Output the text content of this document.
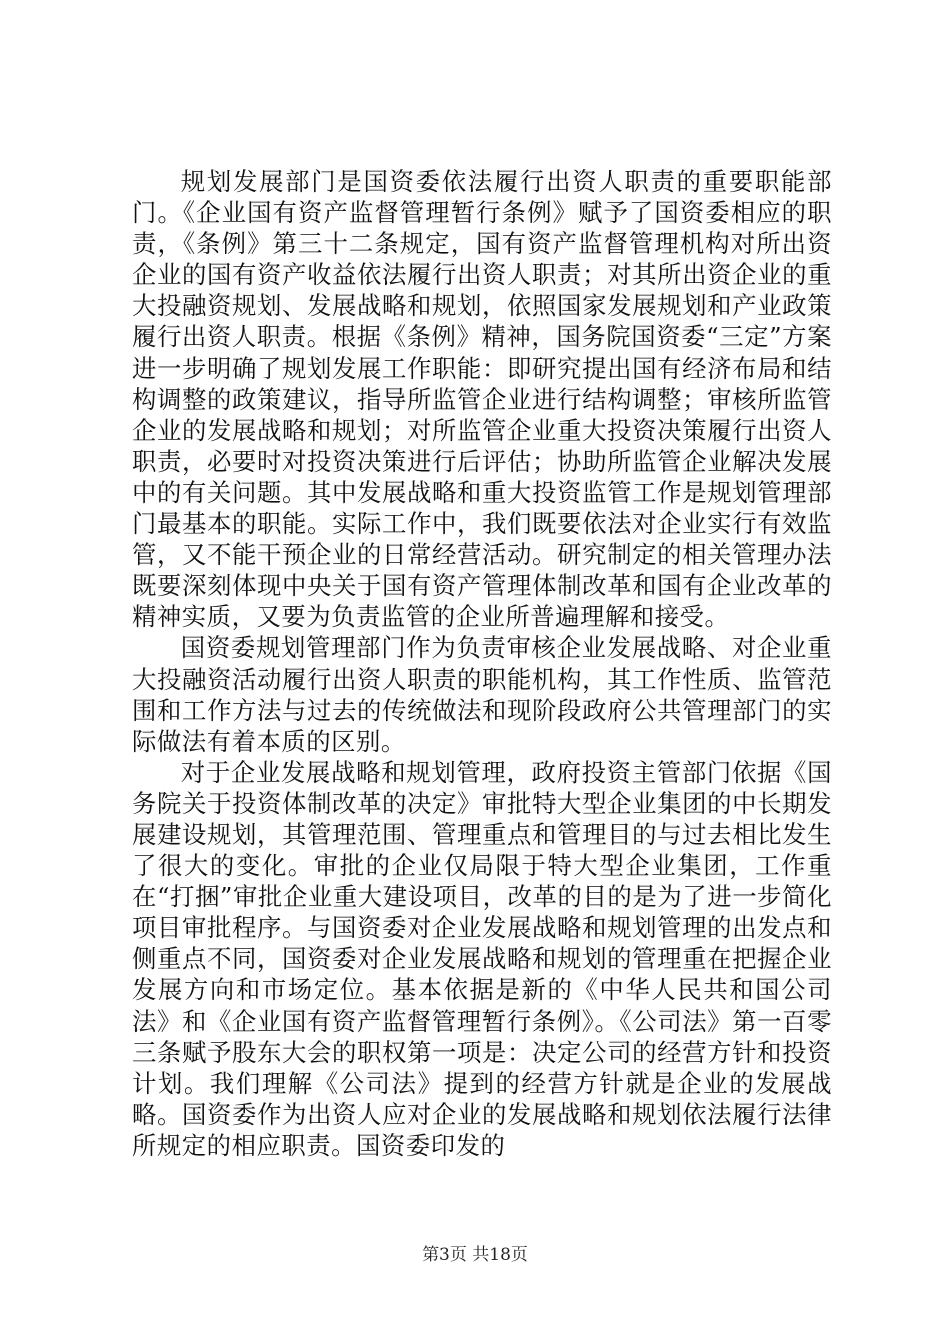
规划发展部门是国资委依法履行出资人职责的重要职能部门。《企业国有资产监督管理暂行条例》赋予了国资委相应的职责，《条例》第三十二条规定，国有资产监督管理机构对所出资企业的国有资产收益依法履行出资人职责；对其所出资企业的重大投融资规划、发展战略和规划，依照国家发展规划和产业政策履行出资人职责。根据《条例》精神，国务院国资委“三定”方案进一步明确了规划发展工作职能：即研究提出国有经济布局和结构调整的政策建议，指导所监管企业进行结构调整；审核所监管企业的发展战略和规划；对所监管企业重大投资决策履行出资人职责，必要时对投资决策进行后评估；协助所监管企业解决发展中的有关问题。其中发展战略和重大投资监管工作是规划管理部门最基本的职能。实际工作中，我们既要依法对企业实行有效监管，又不能干预企业的日常经营活动。研究制定的相关管理办法既要深刻体现中央关于国有资产管理体制改革和国有企业改革的精神实质，又要为负责监管的企业所普遍理解和接受。

国资委规划管理部门作为负责审核企业发展战略、对企业重大投融资活动履行出资人职责的职能机构，其工作性质、监管范围和工作方法与过去的传统做法和现阶段政府公共管理部门的实际做法有着本质的区别。

对于企业发展战略和规划管理，政府投资主管部门依据《国务院关于投资体制改革的决定》审批特大型企业集团的中长期发展建设规划，其管理范围、管理重点和管理目的与过去相比发生了很大的变化。审批的企业仅局限于特大型企业集团，工作重在“打捆”审批企业重大建设项目，改革的目的是为了进一步简化项目审批程序。与国资委对企业发展战略和规划管理的出发点和侧重点不同，国资委对企业发展战略和规划的管理重在把握企业发展方向和市场定位。基本依据是新的《中华人民共和国公司法》和《企业国有资产监督管理暂行条例》。《公司法》第一百零三条赋予股东大会的职权第一项是：决定公司的经营方针和投资计划。我们理解《公司法》提到的经营方针就是企业的发展战略。国资委作为出资人应对企业的发展战略和规划依法履行法律所规定的相应职责。国资委印发的

第3页 共18页
